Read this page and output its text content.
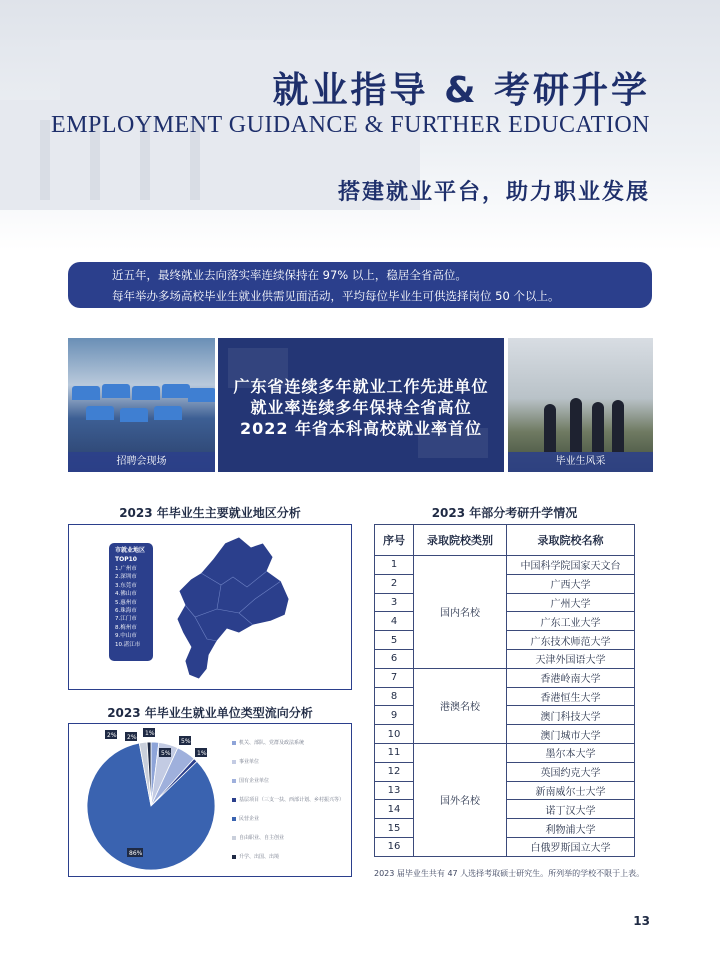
就业指导 & 考研升学
EMPLOYMENT GUIDANCE & FURTHER EDUCATION
搭建就业平台，助力职业发展
近五年，最终就业去向落实率连续保持在 97% 以上，稳居全省高位。
每年举办多场高校毕业生就业供需见面活动，平均每位毕业生可供选择岗位 50 个以上。
招聘会现场
广东省连续多年就业工作先进单位
就业率连续多年保持全省高位
2022 年省本科高校就业率首位
毕业生风采
2023 年毕业生主要就业地区分析
市就业地区
TOP10
1.广州市
2.深圳市
3.东莞市
4.佛山市
5.惠州市
6.珠海市
7.江门市
8.梅州市
9.中山市
10.湛江市
2023 年毕业生就业单位类型流向分析
2%
5%
5%
1%
86%
2%	1%
机关、部队、党群及政法系统
事业单位
国有企业单位
基层项目（三支一扶、西部计划、乡村振兴等）
民营企业
自由职业、自主创业
升学、出国、出境
2023 年部分考研升学情况
序号	录取院校类别	录取院校名称
1	国内名校	中国科学院国家天文台
2		广西大学
3		广州大学
4		广东工业大学
5		广东技术师范大学
6		天津外国语大学
7	港澳名校	香港岭南大学
8		香港恒生大学
9		澳门科技大学
10		澳门城市大学
11	国外名校	墨尔本大学
12		英国约克大学
13		新南威尔士大学
14		诺丁汉大学
15		利物浦大学
16		白俄罗斯国立大学
2023 届毕业生共有 47 人选择考取硕士研究生。所列举的学校不限于上表。
13
